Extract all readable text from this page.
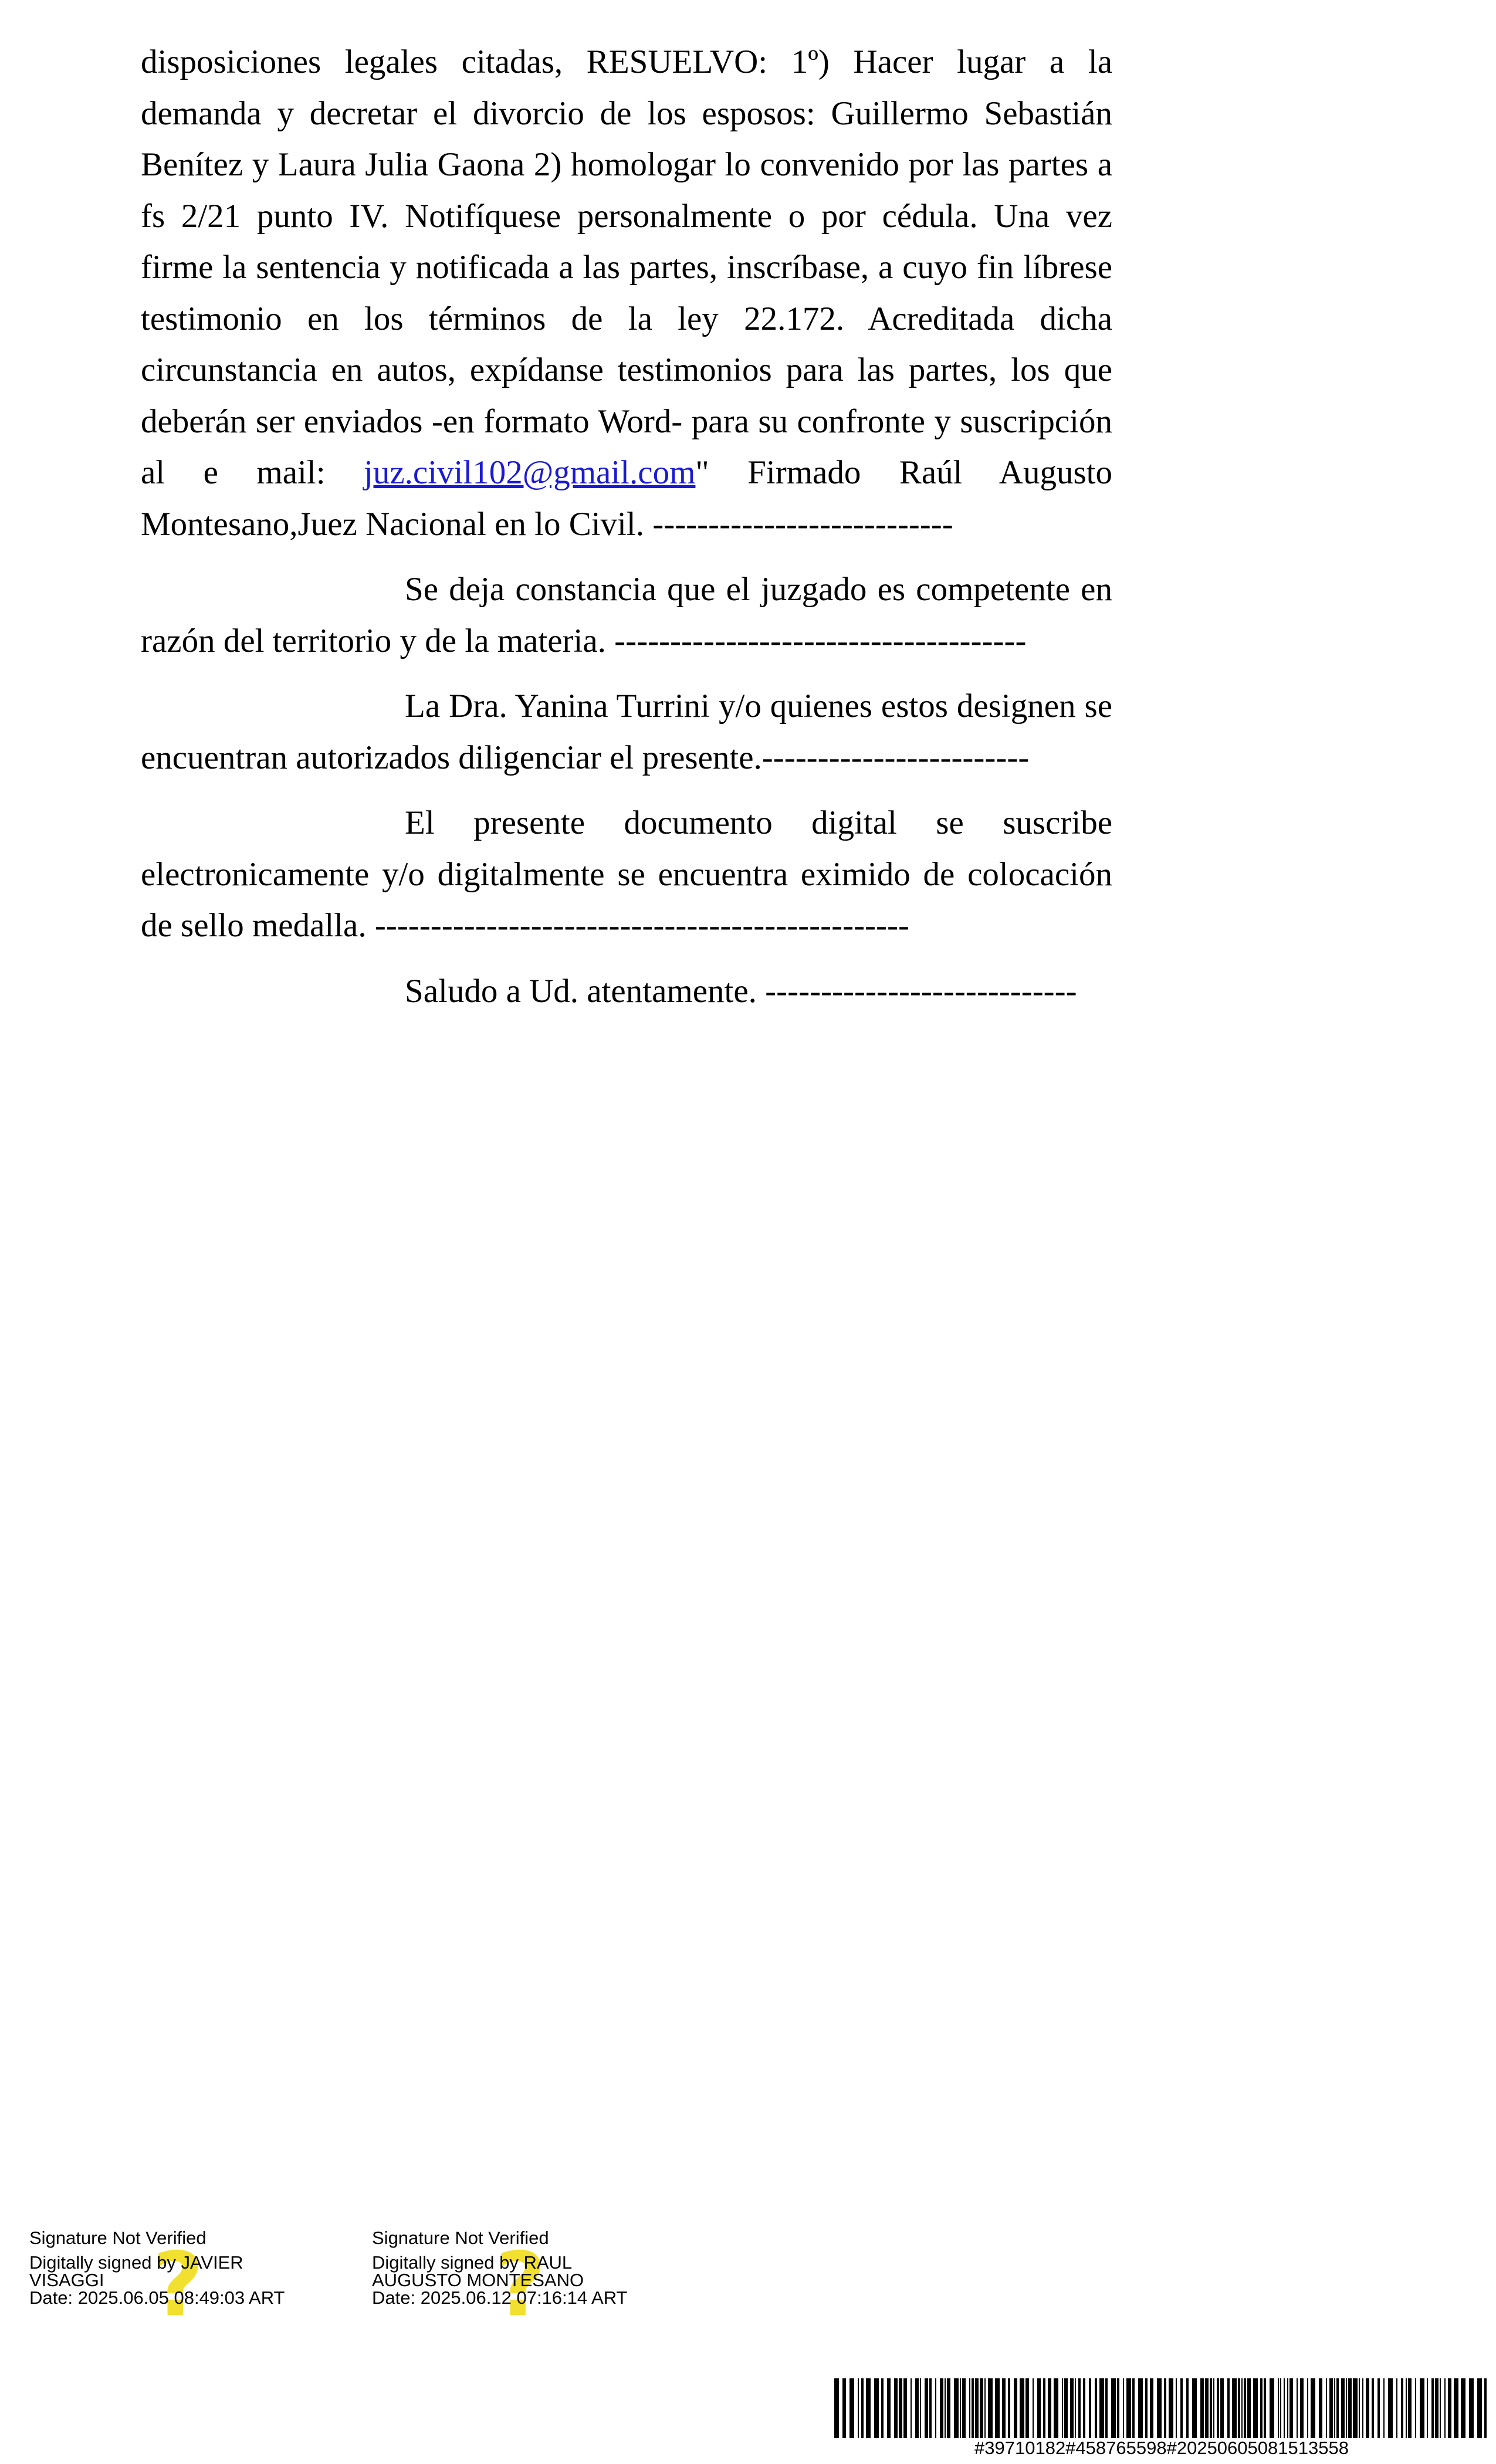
disposiciones legales citadas, RESUELVO: 1º) Hacer lugar a la demanda y decretar el divorcio de los esposos: Guillermo Sebastián Benítez y Laura Julia Gaona 2) homologar lo convenido por las partes a fs 2/21 punto IV. Notifíquese personalmente o por cédula. Una vez firme la sentencia y notificada a las partes, inscríbase, a cuyo fin líbrese testimonio en los términos de la ley 22.172. Acreditada dicha circunstancia en autos, expídanse testimonios para las partes, los que deberán ser enviados -en formato Word- para su confronte y suscripción al e mail: juz.civil102@gmail.com" Firmado Raúl Augusto Montesano,Juez Nacional en lo Civil. ---------------------------

Se deja constancia que el juzgado es competente en razón del territorio y de la materia. -------------------------------------

La Dra. Yanina Turrini y/o quienes estos designen se encuentran autorizados diligenciar el presente.------------------------

El presente documento digital se suscribe electronicamente y/o digitalmente se encuentra eximido de colocación de sello medalla. ------------------------------------------------

Saludo a Ud. atentamente. ----------------------------

?
Signature Not Verified
Digitally signed by JAVIER
VISAGGI
Date: 2025.06.05 08:49:03 ART	?
Signature Not Verified
Digitally signed by RAUL
AUGUSTO MONTESANO
Date: 2025.06.12 07:16:14 ART
#39710182#458765598#20250605081513558
